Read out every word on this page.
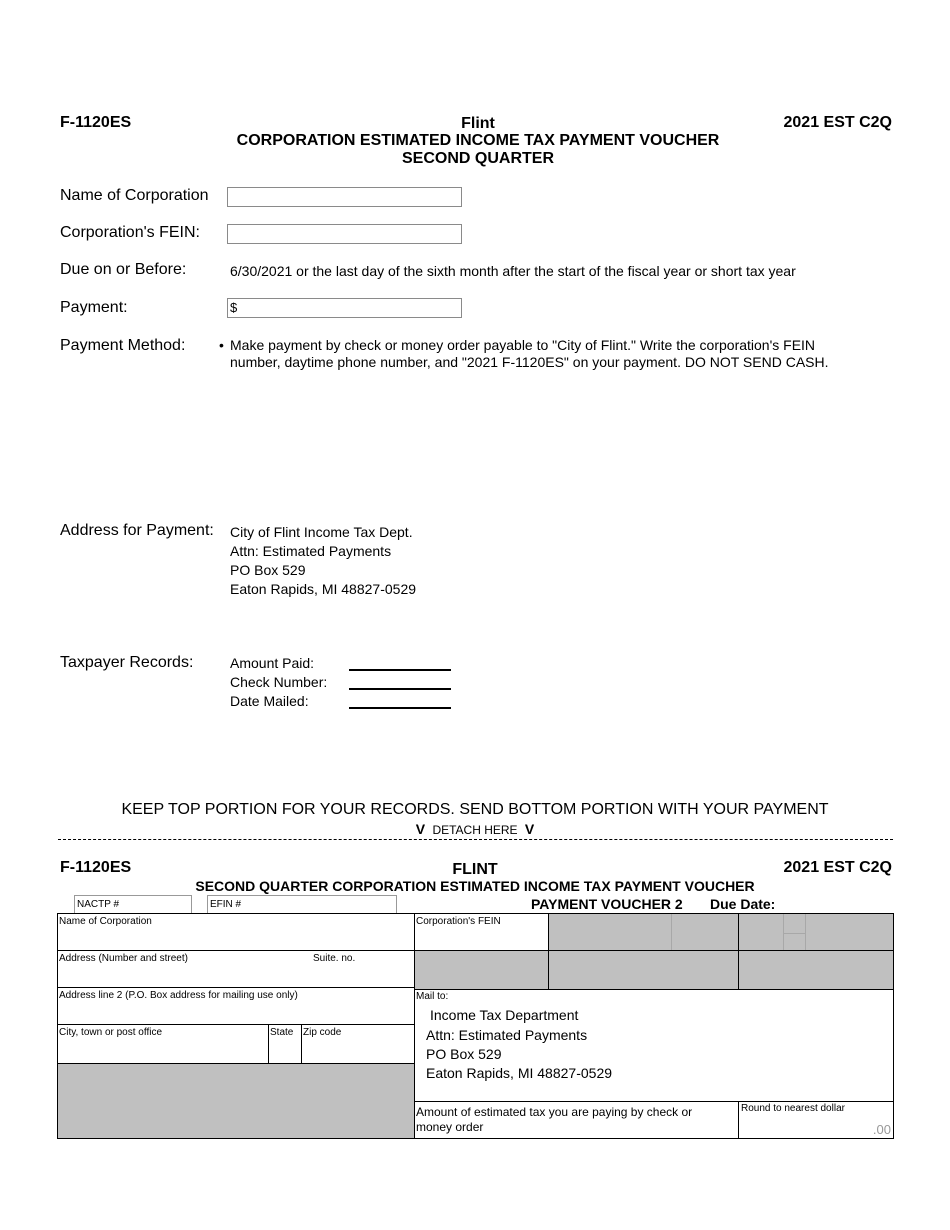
F-1120ES	Flint
CORPORATION ESTIMATED INCOME TAX PAYMENT VOUCHER
SECOND QUARTER
2021 EST C2Q
Name of Corporation
Corporation's FEIN:
Due on or Before:	6/30/2021 or the last day of the sixth month after the start of the fiscal year or short tax year
Payment:	$
Payment Method: • Make payment by check or money order payable to "City of Flint." Write the corporation's FEIN
number, daytime phone number, and "2021 F-1120ES" on your payment. DO NOT SEND CASH.
Address for Payment: City of Flint Income Tax Dept.
Attn: Estimated Payments
PO Box 529
Eaton Rapids, MI 48827-0529
Taxpayer Records:	Amount Paid:
Check Number:
Date Mailed:
KEEP TOP PORTION FOR YOUR RECORDS. SEND BOTTOM PORTION WITH YOUR PAYMENT
V DETACH HERE V
F-1120ES	FLINT	2021 EST C2Q
SECOND QUARTER CORPORATION ESTIMATED INCOME TAX PAYMENT VOUCHER
NACTP #	EFIN #	PAYMENT VOUCHER 2 Due Date:
Name of Corporation
Address (Number and street)	Suite. no.
Address line 2 (P.O. Box address for mailing use only)
City, town or post office	State Zip code
Corporation's FEIN
Mail to:
Income Tax Department
Attn: Estimated Payments
PO Box 529
Eaton Rapids, MI 48827-0529
Amount of estimated tax you are paying by check or
money order
Round to nearest dollar
.00
